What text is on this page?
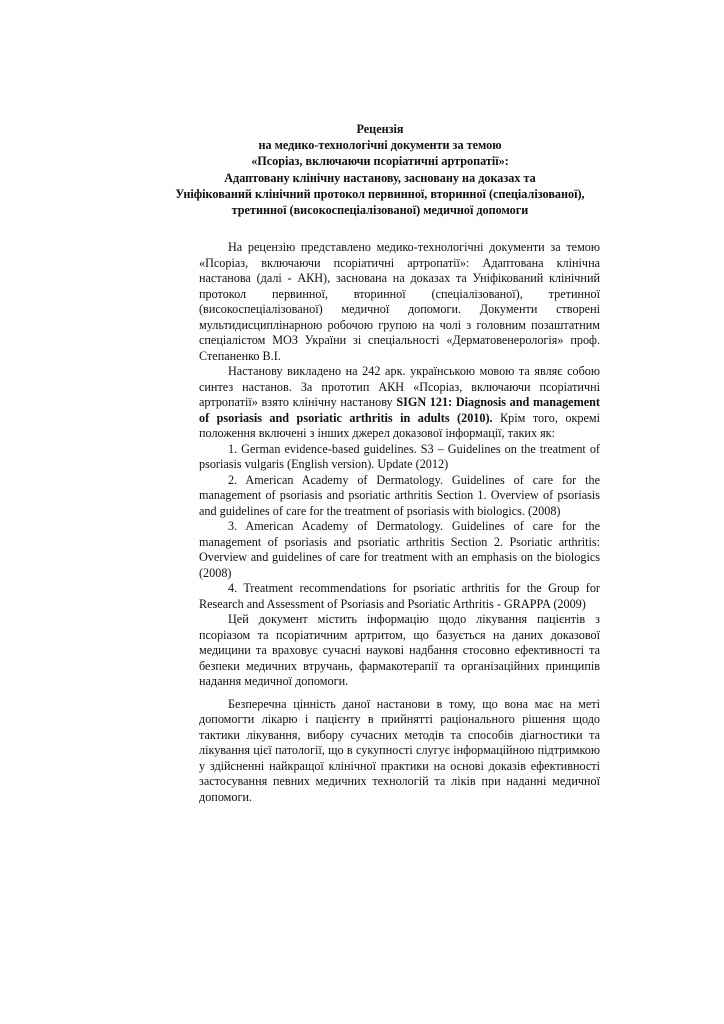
Рецензія
на медико-технологічні документи за темою
«Псоріаз, включаючи псоріатичні артропатії»:
Адаптовану клінічну настанову, засновану на доказах та
Уніфікований клінічний протокол первинної, вторинної (спеціалізованої),
третинної (високоспеціалізованої) медичної допомоги

На рецензію представлено медико-технологічні документи за темою «Псоріаз, включаючи псоріатичні артропатії»: Адаптована клінічна настанова (далі - АКН), заснована на доказах та Уніфікований клінічний протокол первинної, вторинної (спеціалізованої), третинної (високоспеціалізованої) медичної допомоги. Документи створені мультидисциплінарною робочою групою на чолі з головним позаштатним спеціалістом МОЗ України зі спеціальності «Дерматовенерологія» проф. Степаненко В.І.

Настанову викладено на 242 арк. українською мовою та являє собою синтез настанов. За прототип АКН «Псоріаз, включаючи псоріатичні артропатії» взято клінічну настанову SIGN 121: Diagnosis and management of psoriasis and psoriatic arthritis in adults (2010). Крім того, окремі положення включені з інших джерел доказової інформації, таких як:

1. German evidence-based guidelines. S3 – Guidelines on the treatment of psoriasis vulgaris (English version). Update (2012)

2. American Academy of Dermatology. Guidelines of care for the management of psoriasis and psoriatic arthritis Section 1. Overview of psoriasis and guidelines of care for the treatment of psoriasis with biologics. (2008)

3. American Academy of Dermatology. Guidelines of care for the management of psoriasis and psoriatic arthritis Section 2. Psoriatic arthritis: Overview and guidelines of care for treatment with an emphasis on the biologics (2008)

4. Treatment recommendations for psoriatic arthritis for the Group for Research and Assessment of Psoriasis and Psoriatic Arthritis - GRAPPA (2009)

Цей документ містить інформацію щодо лікування пацієнтів з псоріазом та псоріатичним артритом, що базується на даних доказової медицини та враховує сучасні наукові надбання стосовно ефективності та безпеки медичних втручань, фармакотерапії та організаційних принципів надання медичної допомоги.

Безперечна цінність даної настанови в тому, що вона має на меті допомогти лікарю і пацієнту в прийнятті раціонального рішення щодо тактики лікування, вибору сучасних методів та способів діагностики та лікування цієї патології, що в сукупності слугує інформаційною підтримкою у здійсненні найкращої клінічної практики на основі доказів ефективності застосування певних медичних технологій та ліків при наданні медичної допомоги.
